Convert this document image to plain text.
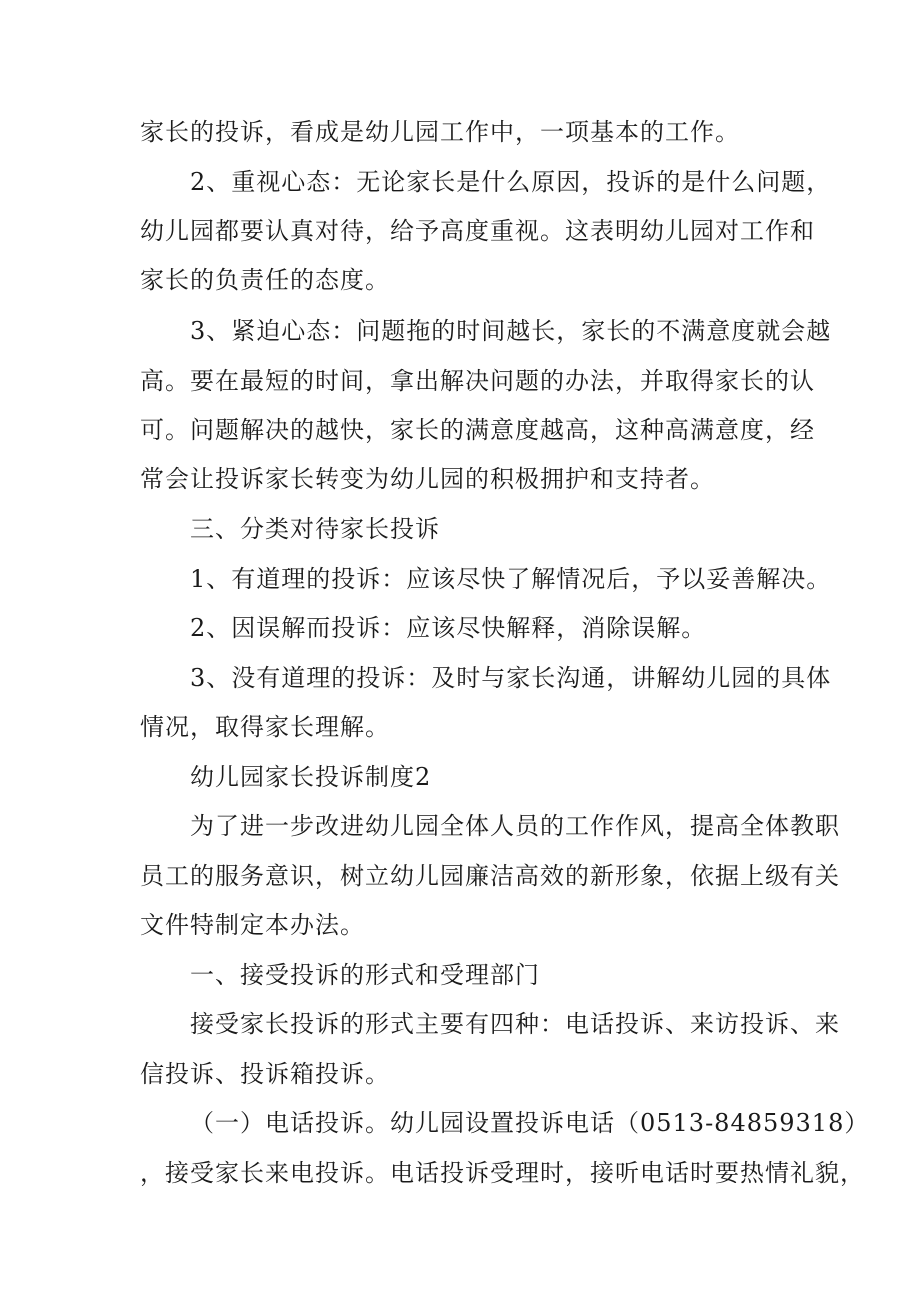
家长的投诉，看成是幼儿园工作中，一项基本的工作。
2、重视心态：无论家长是什么原因，投诉的是什么问题，
幼儿园都要认真对待，给予高度重视。这表明幼儿园对工作和
家长的负责任的态度。
3、紧迫心态：问题拖的时间越长，家长的不满意度就会越
高。要在最短的时间，拿出解决问题的办法，并取得家长的认
可。问题解决的越快，家长的满意度越高，这种高满意度，经
常会让投诉家长转变为幼儿园的积极拥护和支持者。
三、分类对待家长投诉
1、有道理的投诉：应该尽快了解情况后，予以妥善解决。
2、因误解而投诉：应该尽快解释，消除误解。
3、没有道理的投诉：及时与家长沟通，讲解幼儿园的具体
情况，取得家长理解。
幼儿园家长投诉制度2
为了进一步改进幼儿园全体人员的工作作风，提高全体教职
员工的服务意识，树立幼儿园廉洁高效的新形象，依据上级有关
文件特制定本办法。
一、接受投诉的形式和受理部门
接受家长投诉的形式主要有四种：电话投诉、来访投诉、来
信投诉、投诉箱投诉。
（一）电话投诉。幼儿园设置投诉电话（0513-84859318）
，接受家长来电投诉。电话投诉受理时，接听电话时要热情礼貌，
